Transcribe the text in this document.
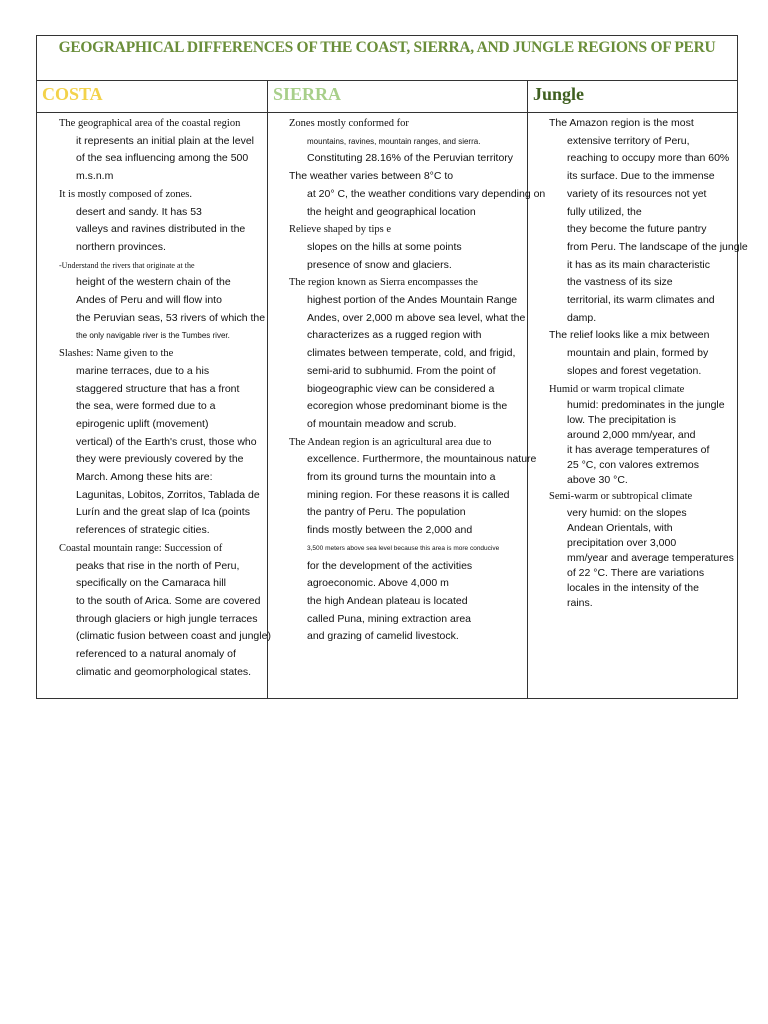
GEOGRAPHICAL DIFFERENCES OF THE COAST, SIERRA, AND JUNGLE REGIONS OF PERU
COSTA	SIERRA	Jungle
The geographical area of the coastal region
it represents an initial plain at the level
of the sea influencing among the 500
m.s.n.m
It is mostly composed of zones.
desert and sandy. It has 53
valleys and ravines distributed in the
northern provinces.
-Understand the rivers that originate at the
height of the western chain of the
Andes of Peru and will flow into
the Peruvian seas, 53 rivers of which the
the only navigable river is the Tumbes river.
Slashes: Name given to the
marine terraces, due to a his
staggered structure that has a front
the sea, were formed due to a
epirogenic uplift (movement)
vertical) of the Earth's crust, those who
they were previously covered by the
March. Among these hits are:
Lagunitas, Lobitos, Zorritos, Tablada de
Lurín and the great slap of Ica (points
references of strategic cities.
Coastal mountain range: Succession of
peaks that rise in the north of Peru,
specifically on the Camaraca hill
to the south of Arica. Some are covered
through glaciers or high jungle terraces
(climatic fusion between coast and jungle)
referenced to a natural anomaly of
climatic and geomorphological states.
Zones mostly conformed for
mountains, ravines, mountain ranges, and sierra.
Constituting 28.16% of the Peruvian territory
The weather varies between 8°C to
at 20° C, the weather conditions vary depending on
the height and geographical location
Relieve shaped by tips e
slopes on the hills at some points
presence of snow and glaciers.
The region known as Sierra encompasses the
highest portion of the Andes Mountain Range
Andes, over 2,000 m above sea level, what the
characterizes as a rugged region with
climates between temperate, cold, and frigid,
semi-arid to subhumid. From the point of
biogeographic view can be considered a
ecoregion whose predominant biome is the
of mountain meadow and scrub.
The Andean region is an agricultural area due to
excellence. Furthermore, the mountainous nature
from its ground turns the mountain into a
mining region. For these reasons it is called
the pantry of Peru. The population
finds mostly between the 2,000 and
3,500 meters above sea level because this area is more conducive
for the development of the activities
agroeconomic. Above 4,000 m
the high Andean plateau is located
called Puna, mining extraction area
and grazing of camelid livestock.
The Amazon region is the most
extensive territory of Peru,
reaching to occupy more than 60%
its surface. Due to the immense
variety of its resources not yet
fully utilized, the
they become the future pantry
from Peru. The landscape of the jungle
it has as its main characteristic
the vastness of its size
territorial, its warm climates and
damp.
The relief looks like a mix between
mountain and plain, formed by
slopes and forest vegetation.
Humid or warm tropical climate
humid: predominates in the jungle
low. The precipitation is
around 2,000 mm/year, and
it has average temperatures of
25 °C, con valores extremos
above 30 °C.
Semi-warm or subtropical climate
very humid: on the slopes
Andean Orientals, with
precipitation over 3,000
mm/year and average temperatures
of 22 °C. There are variations
locales in the intensity of the
rains.
